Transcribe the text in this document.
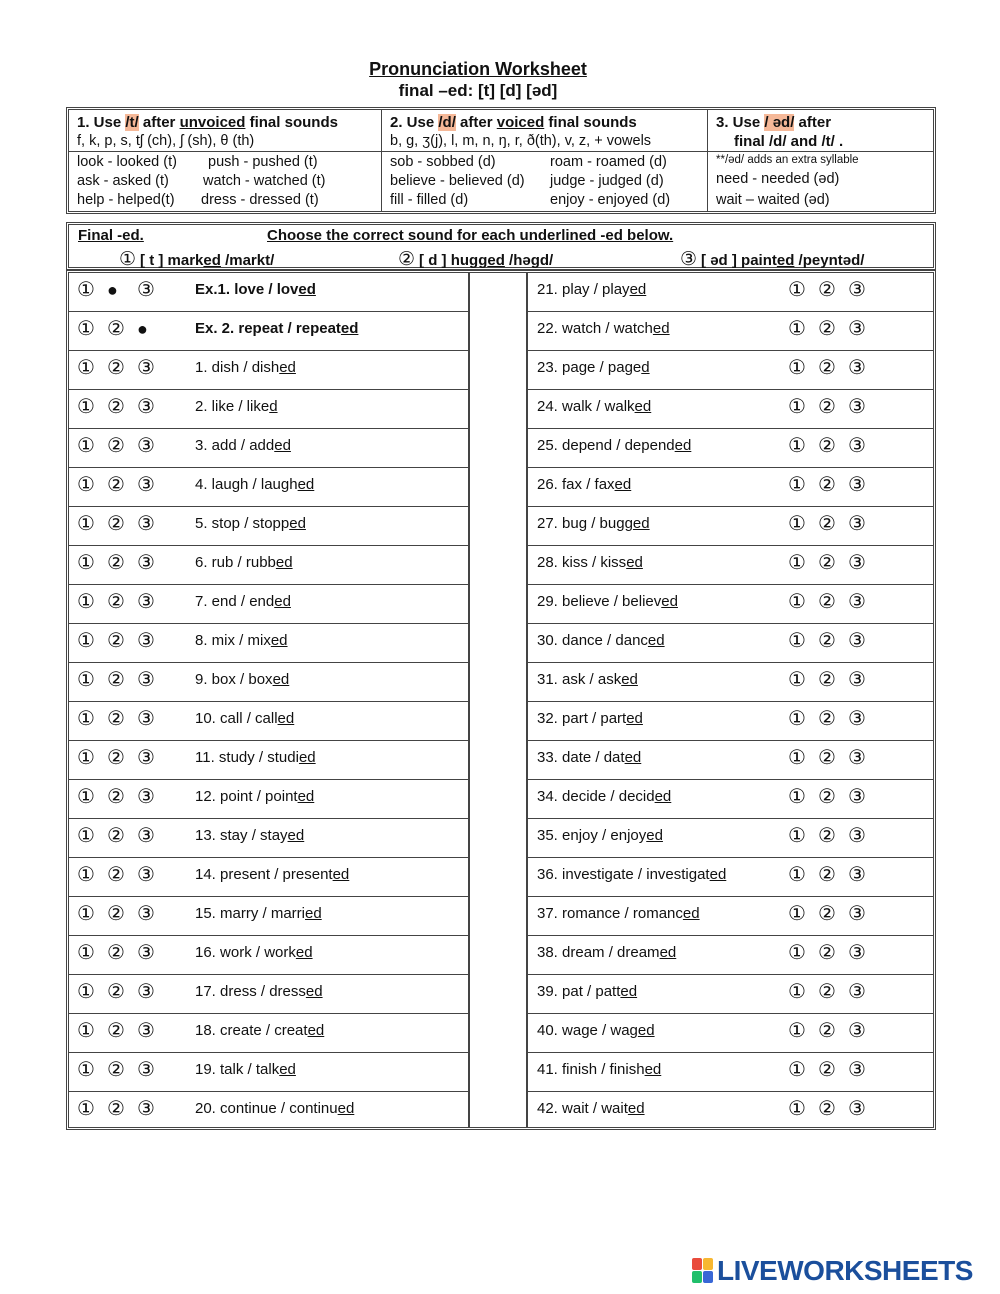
Pronunciation Worksheet
final –ed: [t] [d] [əd]
1. Use /t/ after unvoiced final sounds
f, k, p, s, tʃ (ch), ʃ (sh), θ (th)
look - looked (t) push - pushed (t)
ask - asked (t) watch - watched (t)
help - helped(t) dress - dressed (t)
2. Use /d/ after voiced final sounds
b, g, ʒ(j), l, m, n, ŋ, r, ð(th), v, z, + vowels
sob - sobbed (d)	roam - roamed (d)
believe - believed (d) judge - judged (d)
fill - filled (d)	enjoy - enjoyed (d)
3. Use / əd/ after
final /d/ and /t/ .
**/əd/ adds an extra syllable
need - needed (əd)
wait – waited (əd)
Final -ed.	Choose the correct sound for each underlined -ed below.
① [ t ] marked /markt/	② [ d ] hugged /həgd/	③ [ əd ] painted /peyntəd/
① ● ③	Ex.1. love / loved
① ② ●	Ex. 2. repeat / repeated
① ② ③	1. dish / dished
① ② ③	2. like / liked
① ② ③	3. add / added
① ② ③	4. laugh / laughed
① ② ③	5. stop / stopped
① ② ③	6. rub / rubbed
① ② ③	7. end / ended
① ② ③	8. mix / mixed
① ② ③	9. box / boxed
① ② ③	10. call / called
① ② ③	11. study / studied
① ② ③	12. point / pointed
① ② ③	13. stay / stayed
① ② ③	14. present / presented
① ② ③	15. marry / married
① ② ③	16. work / worked
① ② ③	17. dress / dressed
① ② ③	18. create / created
① ② ③	19. talk / talked
① ② ③	20. continue / continued
21. play / played	① ② ③
22. watch / watched	① ② ③
23. page / paged	① ② ③
24. walk / walked	① ② ③
25. depend / depended	① ② ③
26. fax / faxed	① ② ③
27. bug / bugged	① ② ③
28. kiss / kissed	① ② ③
29. believe / believed	① ② ③
30. dance / danced	① ② ③
31. ask / asked	① ② ③
32. part / parted	① ② ③
33. date / dated	① ② ③
34. decide / decided	① ② ③
35. enjoy / enjoyed	① ② ③
36. investigate / investigated	① ② ③
37. romance / romanced	① ② ③
38. dream / dreamed	① ② ③
39. pat / patted	① ② ③
40. wage / waged	① ② ③
41. finish / finished	① ② ③
42. wait / waited	① ② ③
LIVEWORKSHEETS
